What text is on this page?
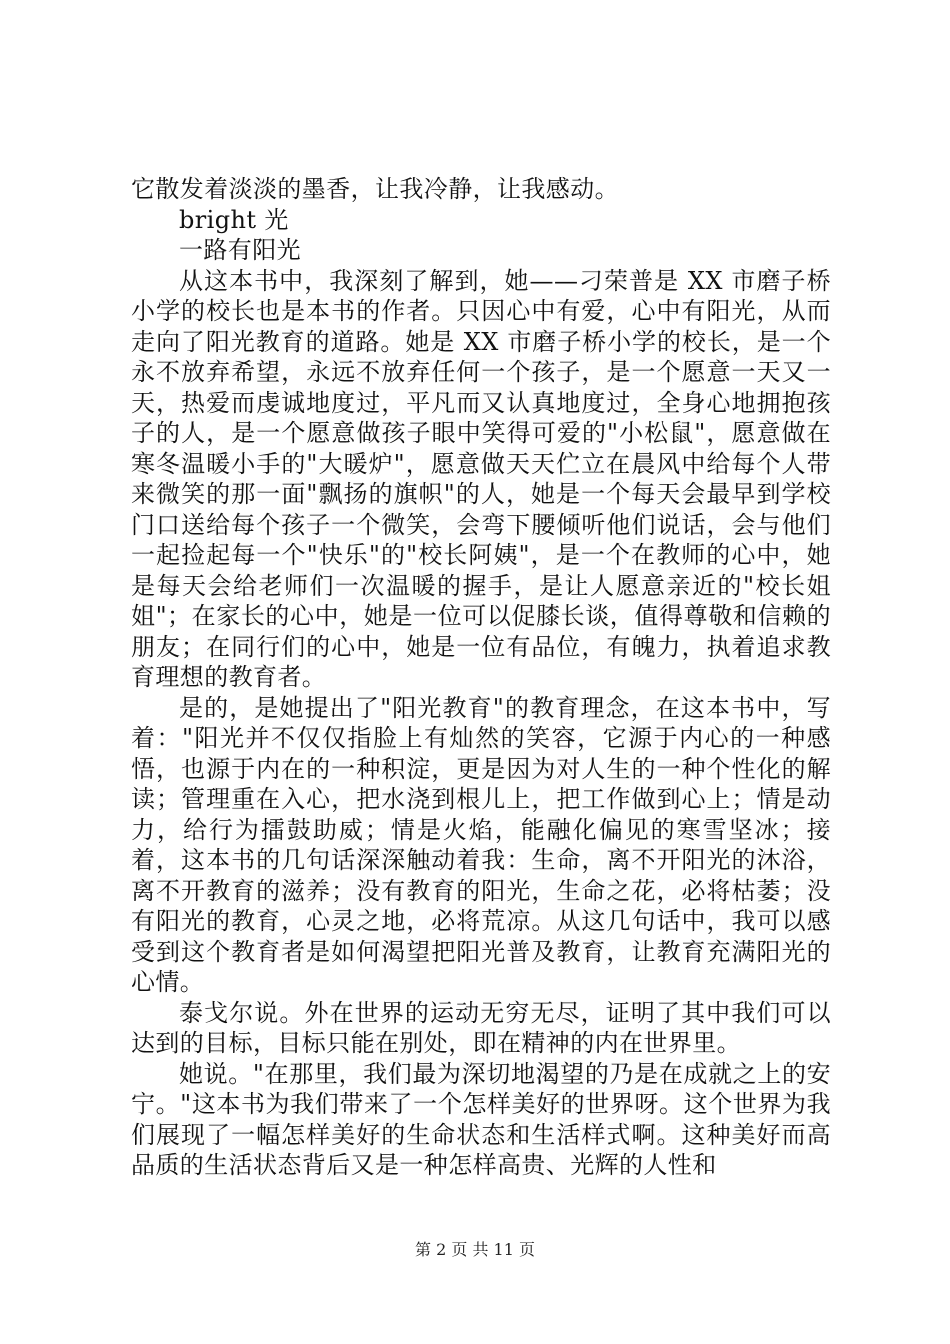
它散发着淡淡的墨香，让我冷静，让我感动。

bright 光

一路有阳光

从这本书中，我深刻了解到，她——刁荣普是 XX 市磨子桥小学的校长也是本书的作者。只因心中有爱，心中有阳光，从而走向了阳光教育的道路。她是 XX 市磨子桥小学的校长，是一个永不放弃希望，永远不放弃任何一个孩子，是一个愿意一天又一天，热爱而虔诚地度过，平凡而又认真地度过，全身心地拥抱孩子的人，是一个愿意做孩子眼中笑得可爱的"小松鼠"，愿意做在寒冬温暖小手的"大暖炉"，愿意做天天伫立在晨风中给每个人带来微笑的那一面"飘扬的旗帜"的人，她是一个每天会最早到学校门口送给每个孩子一个微笑，会弯下腰倾听他们说话，会与他们一起捡起每一个"快乐"的"校长阿姨"，是一个在教师的心中，她是每天会给老师们一次温暖的握手，是让人愿意亲近的"校长姐姐"；在家长的心中，她是一位可以促膝长谈，值得尊敬和信赖的朋友；在同行们的心中，她是一位有品位，有魄力，执着追求教育理想的教育者。

是的，是她提出了"阳光教育"的教育理念，在这本书中，写着："阳光并不仅仅指脸上有灿然的笑容，它源于内心的一种感悟，也源于内在的一种积淀，更是因为对人生的一种个性化的解读；管理重在入心，把水浇到根儿上，把工作做到心上；情是动力，给行为擂鼓助威；情是火焰，能融化偏见的寒雪坚冰；接着，这本书的几句话深深触动着我：生命，离不开阳光的沐浴，离不开教育的滋养；没有教育的阳光，生命之花，必将枯萎；没有阳光的教育，心灵之地，必将荒凉。从这几句话中，我可以感受到这个教育者是如何渴望把阳光普及教育，让教育充满阳光的心情。

泰戈尔说。外在世界的运动无穷无尽，证明了其中我们可以达到的目标，目标只能在别处，即在精神的内在世界里。

她说。"在那里，我们最为深切地渴望的乃是在成就之上的安宁。"这本书为我们带来了一个怎样美好的世界呀。这个世界为我们展现了一幅怎样美好的生命状态和生活样式啊。这种美好而高品质的生活状态背后又是一种怎样高贵、光辉的人性和

第 2 页 共 11 页
